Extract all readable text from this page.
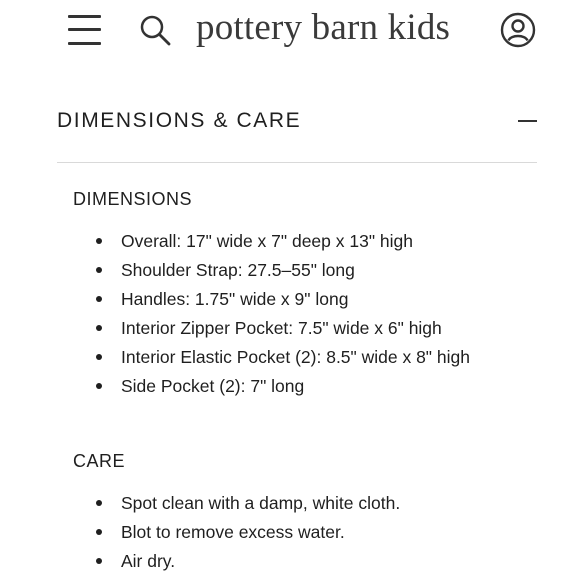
pottery barn kids
DIMENSIONS & CARE
DIMENSIONS
Overall: 17" wide x 7" deep x 13" high
Shoulder Strap: 27.5–55" long
Handles: 1.75" wide x 9" long
Interior Zipper Pocket: 7.5" wide x 6" high
Interior Elastic Pocket (2): 8.5" wide x 8" high
Side Pocket (2): 7" long
CARE
Spot clean with a damp, white cloth.
Blot to remove excess water.
Air dry.
